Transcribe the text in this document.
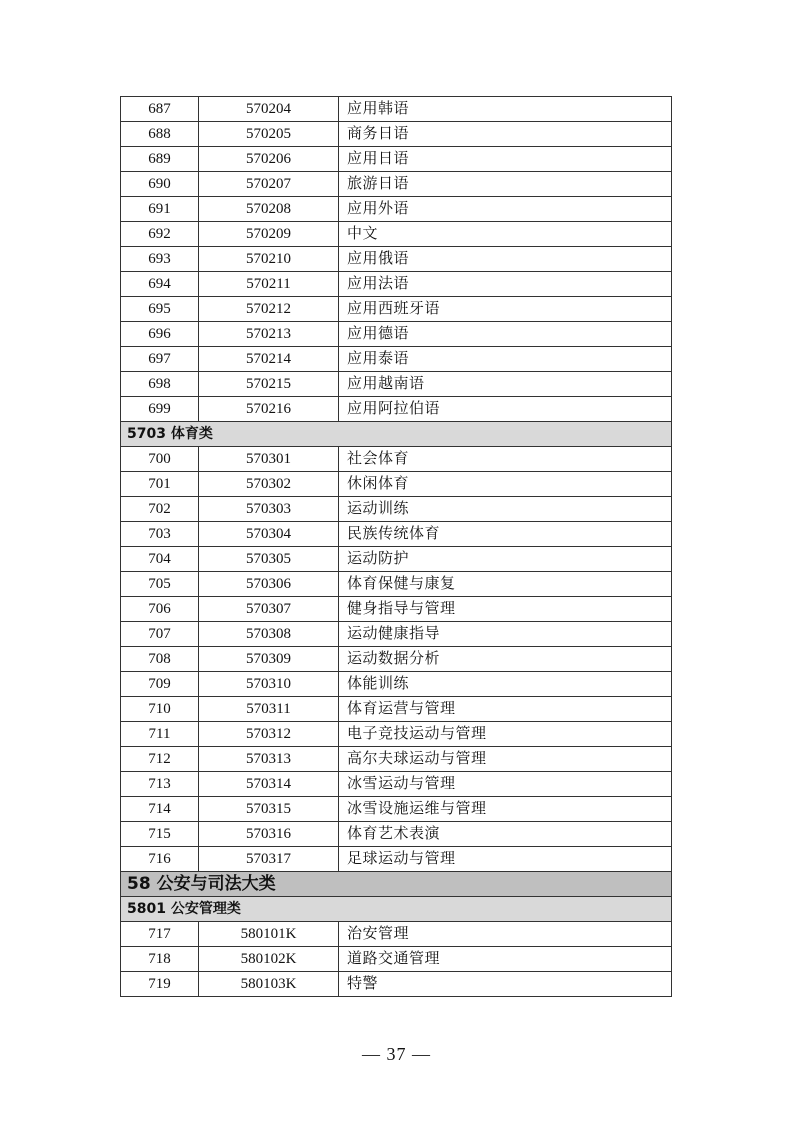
687	570204	应用韩语
688	570205	商务日语
689	570206	应用日语
690	570207	旅游日语
691	570208	应用外语
692	570209	中文
693	570210	应用俄语
694	570211	应用法语
695	570212	应用西班牙语
696	570213	应用德语
697	570214	应用泰语
698	570215	应用越南语
699	570216	应用阿拉伯语
5703 体育类		
700	570301	社会体育
701	570302	休闲体育
702	570303	运动训练
703	570304	民族传统体育
704	570305	运动防护
705	570306	体育保健与康复
706	570307	健身指导与管理
707	570308	运动健康指导
708	570309	运动数据分析
709	570310	体能训练
710	570311	体育运营与管理
711	570312	电子竞技运动与管理
712	570313	高尔夫球运动与管理
713	570314	冰雪运动与管理
714	570315	冰雪设施运维与管理
715	570316	体育艺术表演
716	570317	足球运动与管理
58 公安与司法大类		
5801 公安管理类		
717	580101K	治安管理
718	580102K	道路交通管理
719	580103K	特警
— 37 —
